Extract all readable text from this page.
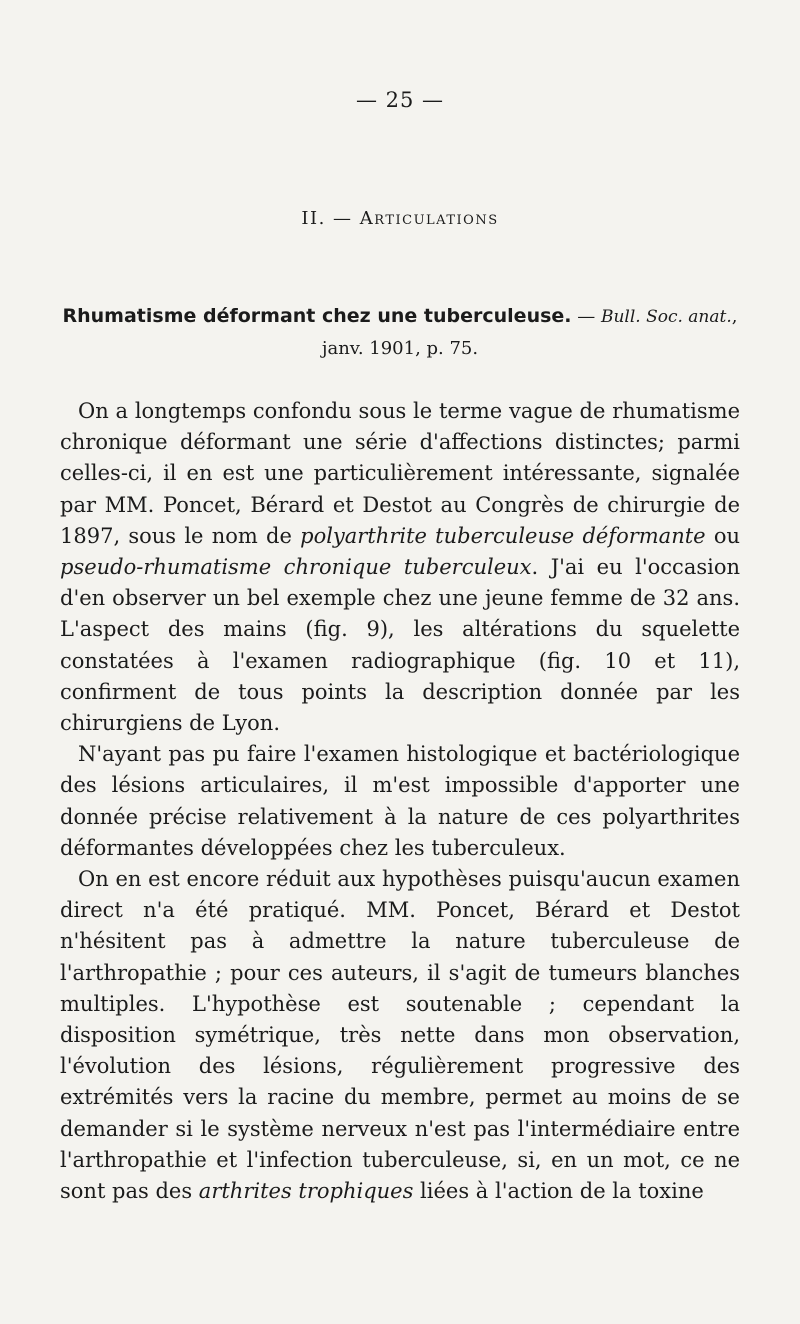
— 25 —
II. — Articulations
Rhumatisme déformant chez une tuberculeuse. — Bull. Soc. anat., janv. 1901, p. 75.

On a longtemps confondu sous le terme vague de rhumatisme chronique déformant une série d'affections distinctes; parmi celles-ci, il en est une particulièrement intéressante, signalée par MM. Poncet, Bérard et Destot au Congrès de chirurgie de 1897, sous le nom de polyarthrite tuberculeuse déformante ou pseudo-rhumatisme chronique tuberculeux. J'ai eu l'occasion d'en observer un bel exemple chez une jeune femme de 32 ans. L'aspect des mains (fig. 9), les altérations du squelette constatées à l'examen radiographique (fig. 10 et 11), confirment de tous points la description donnée par les chirurgiens de Lyon.

N'ayant pas pu faire l'examen histologique et bactériologique des lésions articulaires, il m'est impossible d'apporter une donnée précise relativement à la nature de ces polyarthrites déformantes développées chez les tuberculeux.

On en est encore réduit aux hypothèses puisqu'aucun examen direct n'a été pratiqué. MM. Poncet, Bérard et Destot n'hésitent pas à admettre la nature tuberculeuse de l'arthropathie ; pour ces auteurs, il s'agit de tumeurs blanches multiples. L'hypothèse est soutenable ; cependant la disposition symétrique, très nette dans mon observation, l'évolution des lésions, régulièrement progressive des extrémités vers la racine du membre, permet au moins de se demander si le système nerveux n'est pas l'intermédiaire entre l'arthropathie et l'infection tuberculeuse, si, en un mot, ce ne sont pas des arthrites trophiques liées à l'action de la toxine
